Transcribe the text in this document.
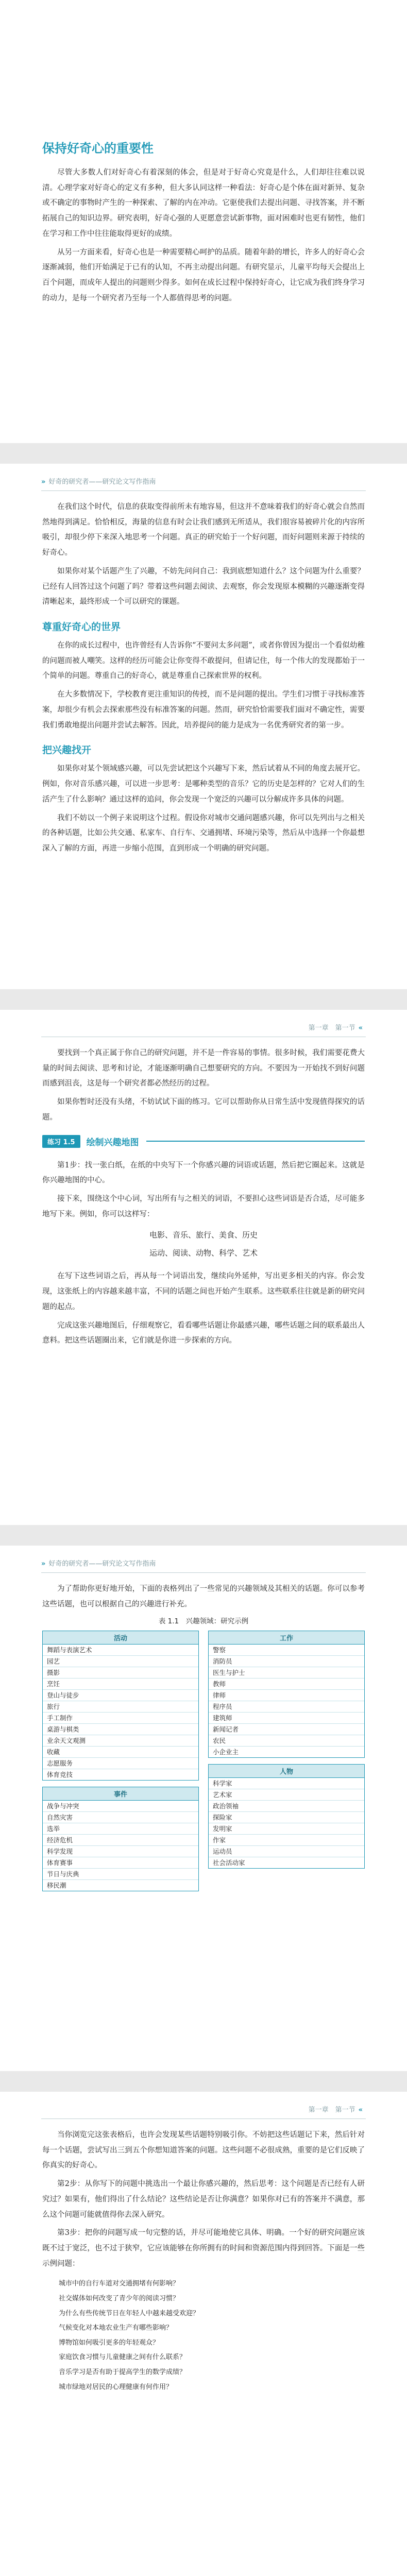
保持好奇心的重要性

尽管大多数人们对好奇心有着深刻的体会，但是对于好奇心究竟是什么，人们却往往难以说清。心理学家对好奇心的定义有多种，但大多认同这样一种看法：好奇心是个体在面对新异、复杂或不确定的事物时产生的一种探索、了解的内在冲动。它驱使我们去提出问题、寻找答案，并不断拓展自己的知识边界。研究表明，好奇心强的人更愿意尝试新事物，面对困难时也更有韧性，他们在学习和工作中往往能取得更好的成绩。

从另一方面来看，好奇心也是一种需要精心呵护的品质。随着年龄的增长，许多人的好奇心会逐渐减弱，他们开始满足于已有的认知，不再主动提出问题。有研究显示，儿童平均每天会提出上百个问题，而成年人提出的问题则少得多。如何在成长过程中保持好奇心，让它成为我们终身学习的动力，是每一个研究者乃至每一个人都值得思考的问题。

» 好奇的研究者——研究论文写作指南

在我们这个时代，信息的获取变得前所未有地容易，但这并不意味着我们的好奇心就会自然而然地得到满足。恰恰相反，海量的信息有时会让我们感到无所适从，我们很容易被碎片化的内容所吸引，却很少停下来深入地思考一个问题。真正的研究始于一个好问题，而好问题则来源于持续的好奇心。

如果你对某个话题产生了兴趣，不妨先问问自己：我到底想知道什么？这个问题为什么重要？已经有人回答过这个问题了吗？带着这些问题去阅读、去观察，你会发现原本模糊的兴趣逐渐变得清晰起来，最终形成一个可以研究的课题。

尊重好奇心的世界

在你的成长过程中，也许曾经有人告诉你“不要问太多问题”，或者你曾因为提出一个看似幼稚的问题而被人嘲笑。这样的经历可能会让你变得不敢提问，但请记住，每一个伟大的发现都始于一个简单的问题。尊重自己的好奇心，就是尊重自己探索世界的权利。

在大多数情况下，学校教育更注重知识的传授，而不是问题的提出。学生们习惯于寻找标准答案，却很少有机会去探索那些没有标准答案的问题。然而，研究恰恰需要我们面对不确定性，需要我们勇敢地提出问题并尝试去解答。因此，培养提问的能力是成为一名优秀研究者的第一步。

把兴趣找开

如果你对某个领域感兴趣，可以先尝试把这个兴趣写下来，然后试着从不同的角度去展开它。例如，你对音乐感兴趣，可以进一步思考：是哪种类型的音乐？它的历史是怎样的？它对人们的生活产生了什么影响？通过这样的追问，你会发现一个宽泛的兴趣可以分解成许多具体的问题。

我们不妨以一个例子来说明这个过程。假设你对城市交通问题感兴趣，你可以先列出与之相关的各种话题，比如公共交通、私家车、自行车、交通拥堵、环境污染等，然后从中选择一个你最想深入了解的方面，再进一步缩小范围，直到形成一个明确的研究问题。

第一章　第一节 «

要找到一个真正属于你自己的研究问题，并不是一件容易的事情。很多时候，我们需要花费大量的时间去阅读、思考和讨论，才能逐渐明确自己想要研究的方向。不要因为一开始找不到好问题而感到沮丧，这是每一个研究者都必然经历的过程。

如果你暂时还没有头绪，不妨试试下面的练习。它可以帮助你从日常生活中发现值得探究的话题。

练习 1.5	绘制兴趣地图

第1步：找一张白纸，在纸的中央写下一个你感兴趣的词语或话题，然后把它圈起来。这就是你兴趣地图的中心。

接下来，围绕这个中心词，写出所有与之相关的词语，不要担心这些词语是否合适，尽可能多地写下来。例如，你可以这样写：

电影、音乐、旅行、美食、历史
运动、阅读、动物、科学、艺术

在写下这些词语之后，再从每一个词语出发，继续向外延伸，写出更多相关的内容。你会发现，这张纸上的内容越来越丰富，不同的话题之间也开始产生联系。这些联系往往就是新的研究问题的起点。

完成这张兴趣地图后，仔细观察它，看看哪些话题让你最感兴趣，哪些话题之间的联系最出人意料。把这些话题圈出来，它们就是你进一步探索的方向。

» 好奇的研究者——研究论文写作指南

为了帮助你更好地开始，下面的表格列出了一些常见的兴趣领域及其相关的话题。你可以参考这些话题，也可以根据自己的兴趣进行补充。

表 1.1　兴趣领域：研究示例
活动
舞蹈与表演艺术
园艺
摄影
烹饪
登山与徒步
旅行
手工制作
桌游与棋类
业余天文观测
收藏
志愿服务
体育竞技
事件
战争与冲突
自然灾害
选举
经济危机
科学发现
体育赛事
节日与庆典
移民潮
工作
警察
消防员
医生与护士
教师
律师
程序员
建筑师
新闻记者
农民
小企业主
人物
科学家
艺术家
政治领袖
探险家
发明家
作家
运动员
社会活动家
第一章　第一节 «

当你浏览完这张表格后，也许会发现某些话题特别吸引你。不妨把这些话题记下来，然后针对每一个话题，尝试写出三到五个你想知道答案的问题。这些问题不必很成熟，重要的是它们反映了你真实的好奇心。

第2步：从你写下的问题中挑选出一个最让你感兴趣的，然后思考：这个问题是否已经有人研究过？如果有，他们得出了什么结论？这些结论是否让你满意？如果你对已有的答案并不满意，那么这个问题可能就值得你去深入研究。

第3步：把你的问题写成一句完整的话，并尽可能地使它具体、明确。一个好的研究问题应该既不过于宽泛，也不过于狭窄，它应该能够在你所拥有的时间和资源范围内得到回答。下面是一些示例问题：

城市中的自行车道对交通拥堵有何影响？
社交媒体如何改变了青少年的阅读习惯？
为什么有些传统节日在年轻人中越来越受欢迎？
气候变化对本地农业生产有哪些影响？
博物馆如何吸引更多的年轻观众？
家庭饮食习惯与儿童健康之间有什么联系？
音乐学习是否有助于提高学生的数学成绩？
城市绿地对居民的心理健康有何作用？
